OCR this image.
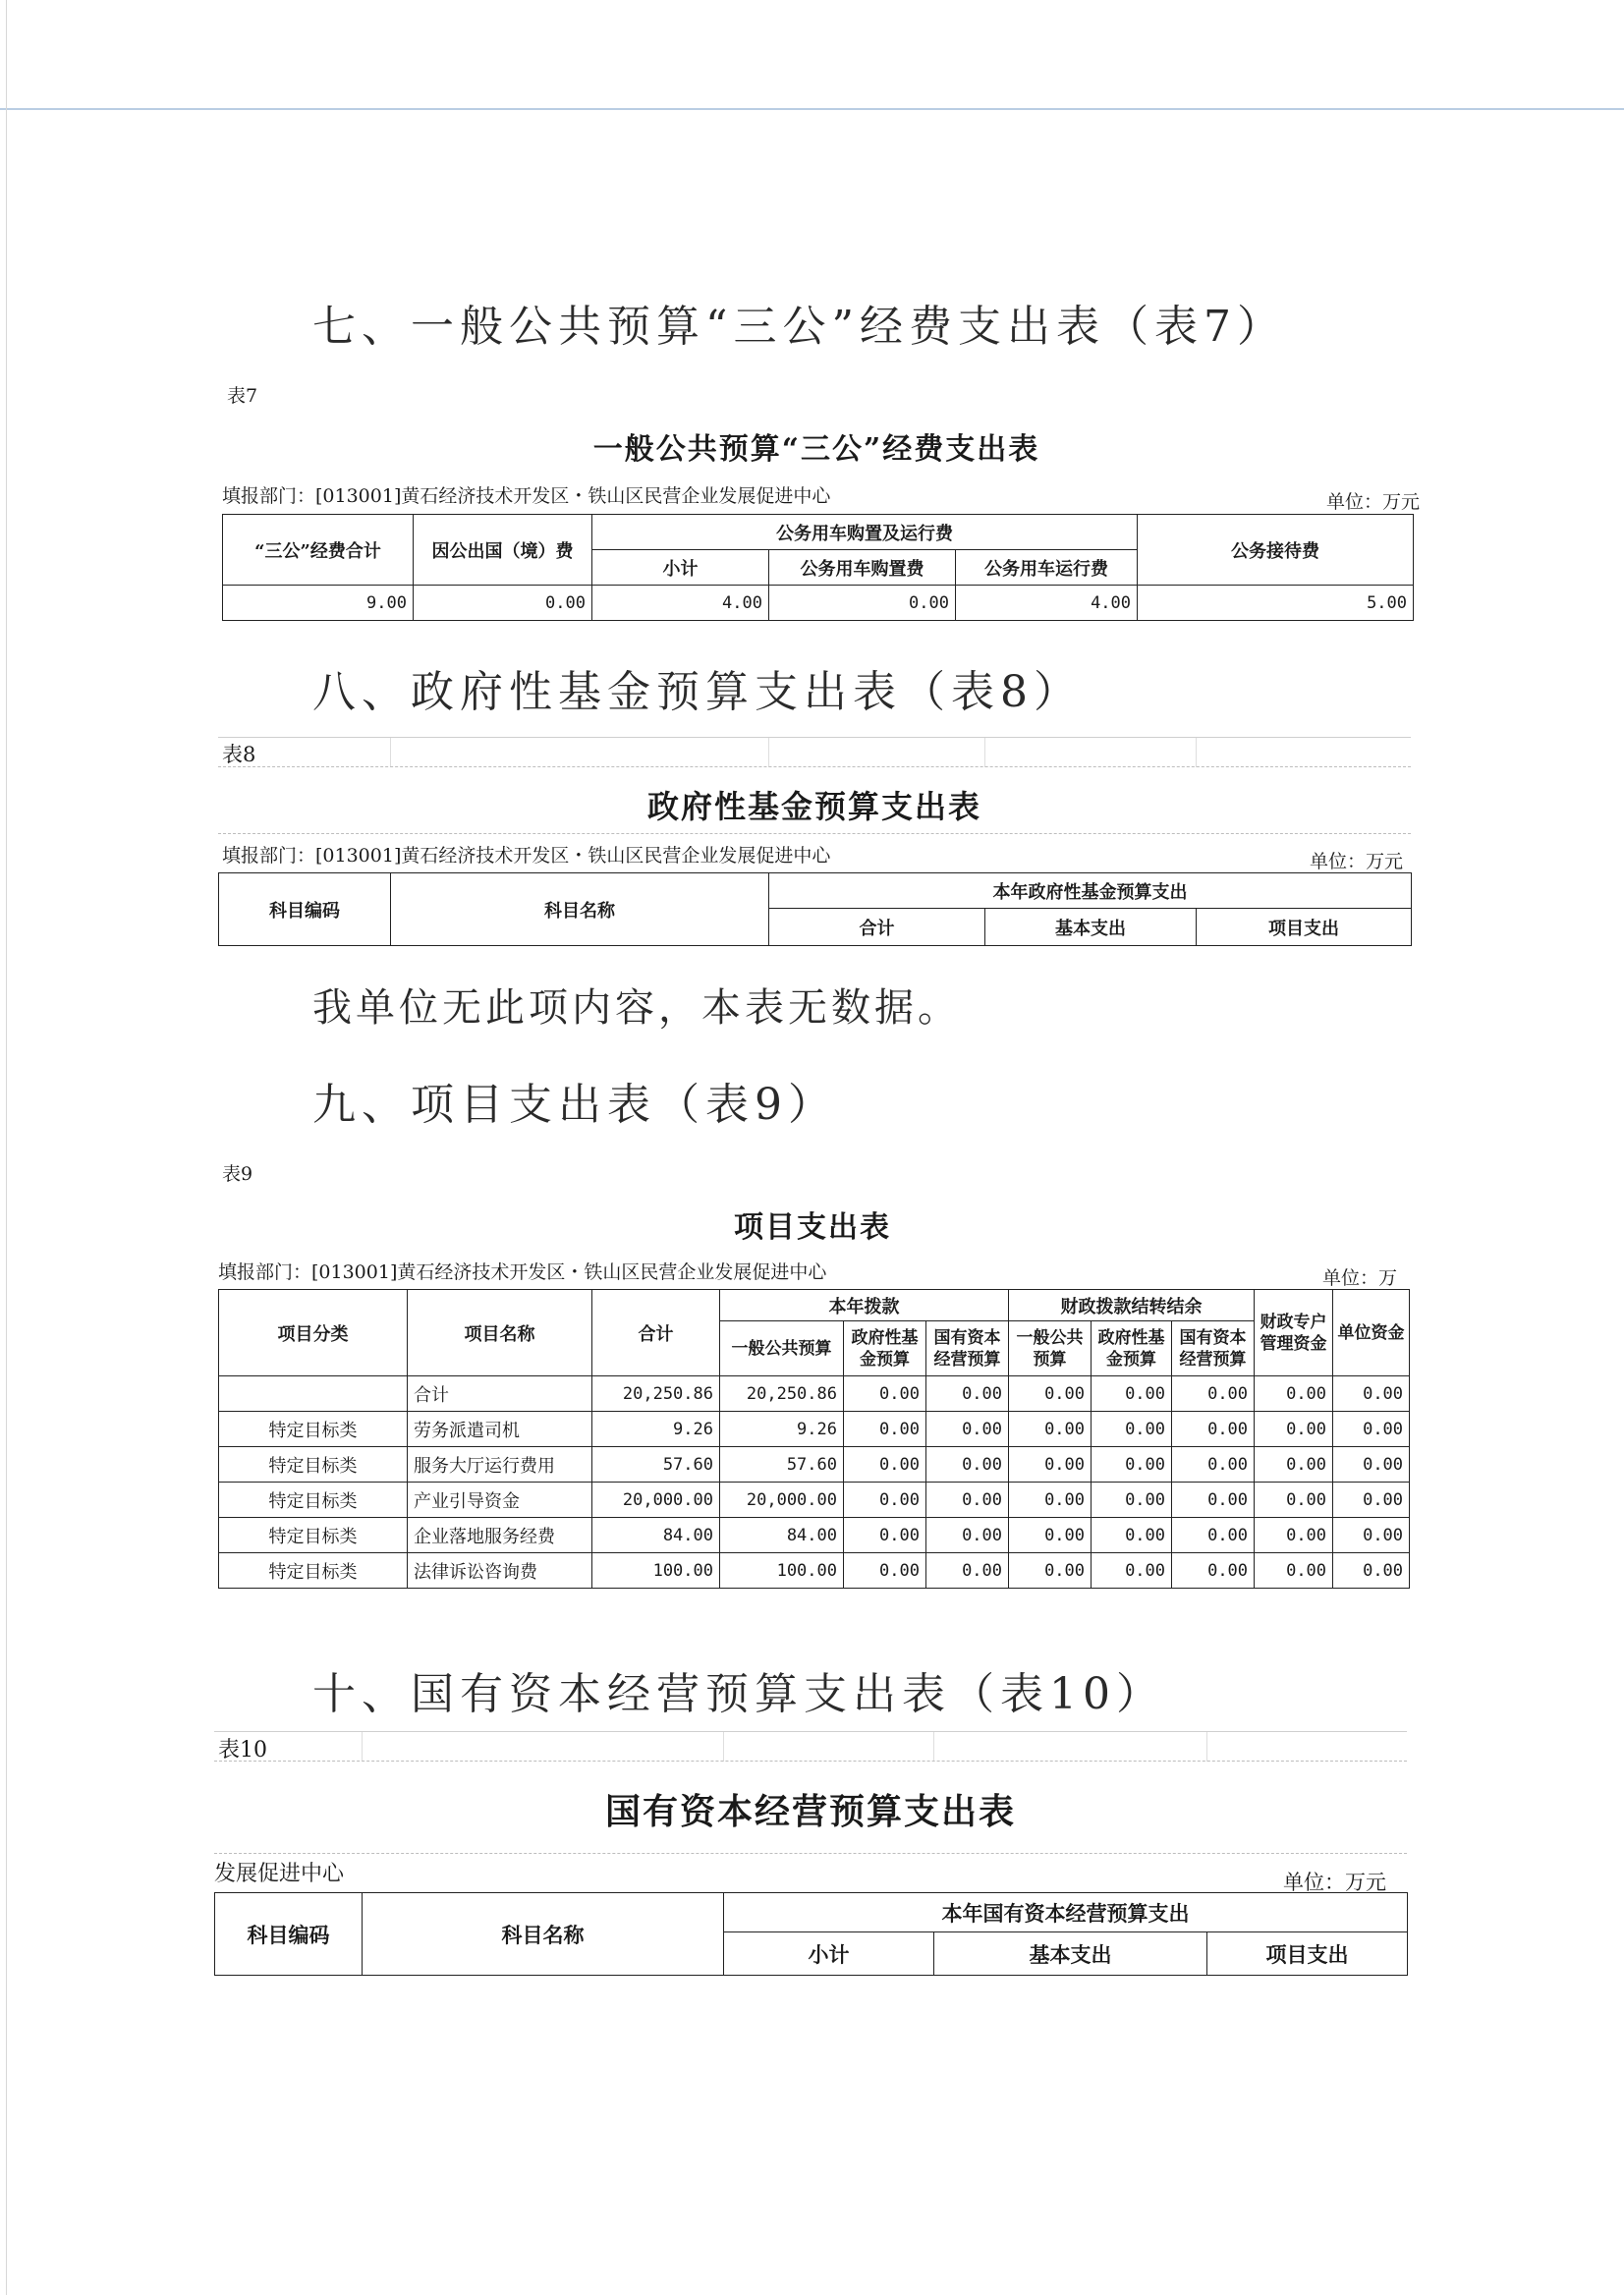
七、一般公共预算“三公”经费支出表（表7）
表7
一般公共预算“三公”经费支出表
填报部门：[013001]黄石经济技术开发区・铁山区民营企业发展促进中心	单位：万元
“三公”经费合计	因公出国（境）费	公务用车购置及运行费			公务接待费
		小计	公务用车购置费	公务用车运行费	
9.00	0.00	4.00	0.00	4.00	5.00
八、政府性基金预算支出表（表8）
表8
政府性基金预算支出表
填报部门：[013001]黄石经济技术开发区・铁山区民营企业发展促进中心	单位：万元
科目编码	科目名称	本年政府性基金预算支出		
		合计	基本支出	项目支出
我单位无此项内容，本表无数据。
九、项目支出表（表9）
表9
项目支出表
填报部门：[013001]黄石经济技术开发区・铁山区民营企业发展促进中心	单位：万
项目分类	项目名称	合计	本年拨款			财政拨款结转结余			财政专户管理资金	单位资金
			一般公共预算	政府性基金预算	国有资本经营预算	一般公共预算	政府性基金预算	国有资本经营预算		
	合计	20,250.86	20,250.86	0.00	0.00	0.00	0.00	0.00	0.00	0.00
特定目标类	劳务派遣司机	9.26	9.26	0.00	0.00	0.00	0.00	0.00	0.00	0.00
特定目标类	服务大厅运行费用	57.60	57.60	0.00	0.00	0.00	0.00	0.00	0.00	0.00
特定目标类	产业引导资金	20,000.00	20,000.00	0.00	0.00	0.00	0.00	0.00	0.00	0.00
特定目标类	企业落地服务经费	84.00	84.00	0.00	0.00	0.00	0.00	0.00	0.00	0.00
特定目标类	法律诉讼咨询费	100.00	100.00	0.00	0.00	0.00	0.00	0.00	0.00	0.00
十、国有资本经营预算支出表（表10）
表10
国有资本经营预算支出表
发展促进中心	单位：万元
科目编码	科目名称	本年国有资本经营预算支出		
		小计	基本支出	项目支出
